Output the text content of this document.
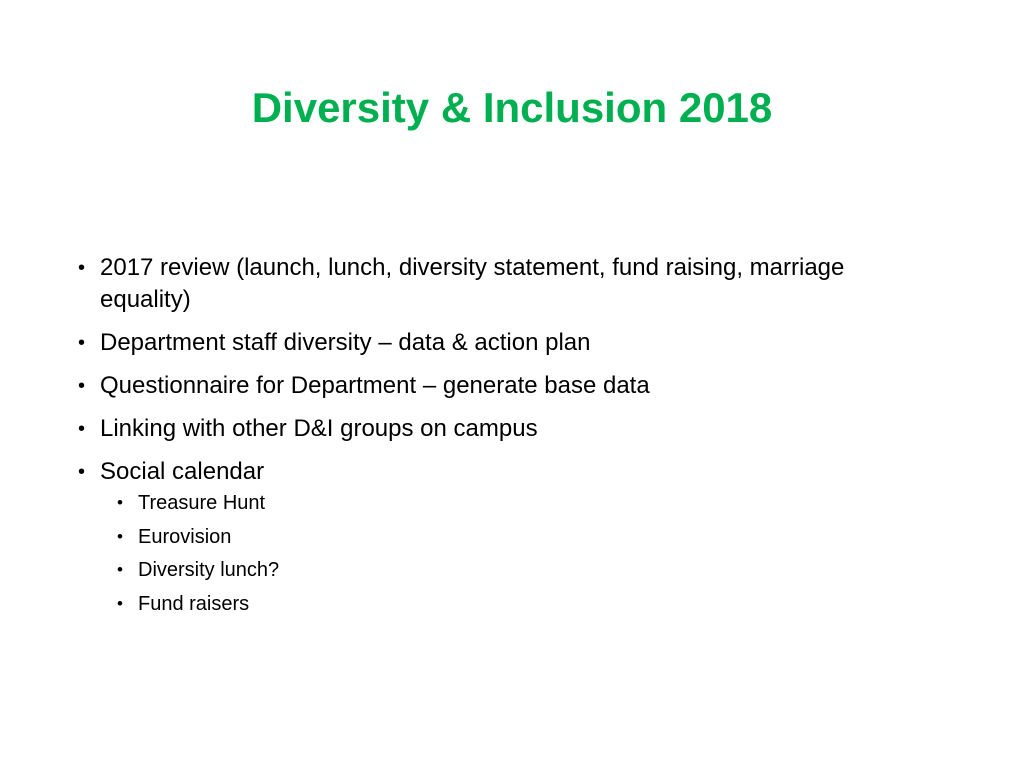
Diversity & Inclusion 2018
• 2017 review (launch, lunch, diversity statement, fund raising, marriage equality)
• Department staff diversity – data & action plan
• Questionnaire for Department – generate base data
• Linking with other D&I groups on campus
• Social calendar
• Treasure Hunt
• Eurovision
• Diversity lunch?
• Fund raisers
